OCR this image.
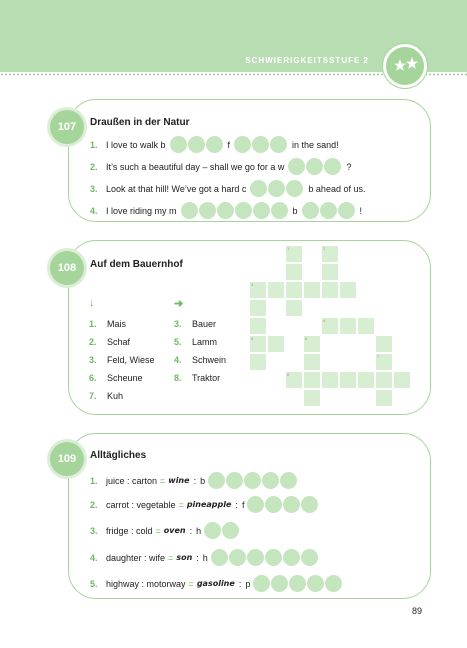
SCHWIERIGKEITSSTUFE 2
107	Draußen in der Natur
1. I love to walk b	f	in the sand!
2. It’s such a beautiful day – shall we go for a w	?
3. Look at that hill! We’ve got a hard c	b ahead of us.
4. I love riding my m	b	!
108	Auf dem Bauernhof
↓	➜
1.	Mais
2.	Schaf
3.	Feld, Wiese
6.	Scheune
7.	Kuh
3.	Bauer
5.	Lamm
4.	Schwein
8.	Traktor
1	2
3
4
5	6
7
8
109	Alltägliches
1. juice : carton = wine : b
2. carrot : vegetable = pineapple : f
3. fridge : cold = oven : h
4. daughter : wife = son : h
5. highway : motorway = gasoline : p
89
